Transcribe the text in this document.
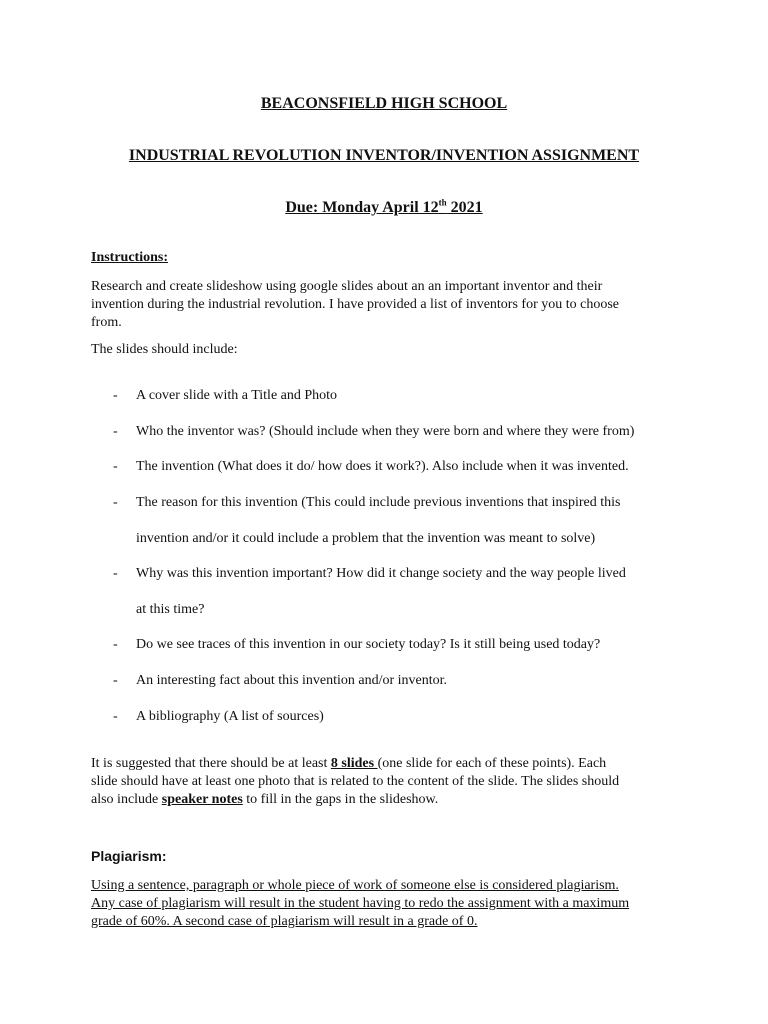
BEACONSFIELD HIGH SCHOOL
INDUSTRIAL REVOLUTION INVENTOR/INVENTION ASSIGNMENT
Due: Monday April 12th 2021
Instructions:
Research and create slideshow using google slides about an an important inventor and their
invention during the industrial revolution. I have provided a list of inventors for you to choose
from.
The slides should include:
- A cover slide with a Title and Photo
- Who the inventor was? (Should include when they were born and where they were from)
- The invention (What does it do/ how does it work?). Also include when it was invented.
- The reason for this invention (This could include previous inventions that inspired this
invention and/or it could include a problem that the invention was meant to solve)
- Why was this invention important? How did it change society and the way people lived
at this time?
- Do we see traces of this invention in our society today? Is it still being used today?
- An interesting fact about this invention and/or inventor.
- A bibliography (A list of sources)
It is suggested that there should be at least 8 slides (one slide for each of these points). Each
slide should have at least one photo that is related to the content of the slide. The slides should
also include speaker notes to fill in the gaps in the slideshow.
Plagiarism:
Using a sentence, paragraph or whole piece of work of someone else is considered plagiarism.
Any case of plagiarism will result in the student having to redo the assignment with a maximum
grade of 60%. A second case of plagiarism will result in a grade of 0.
